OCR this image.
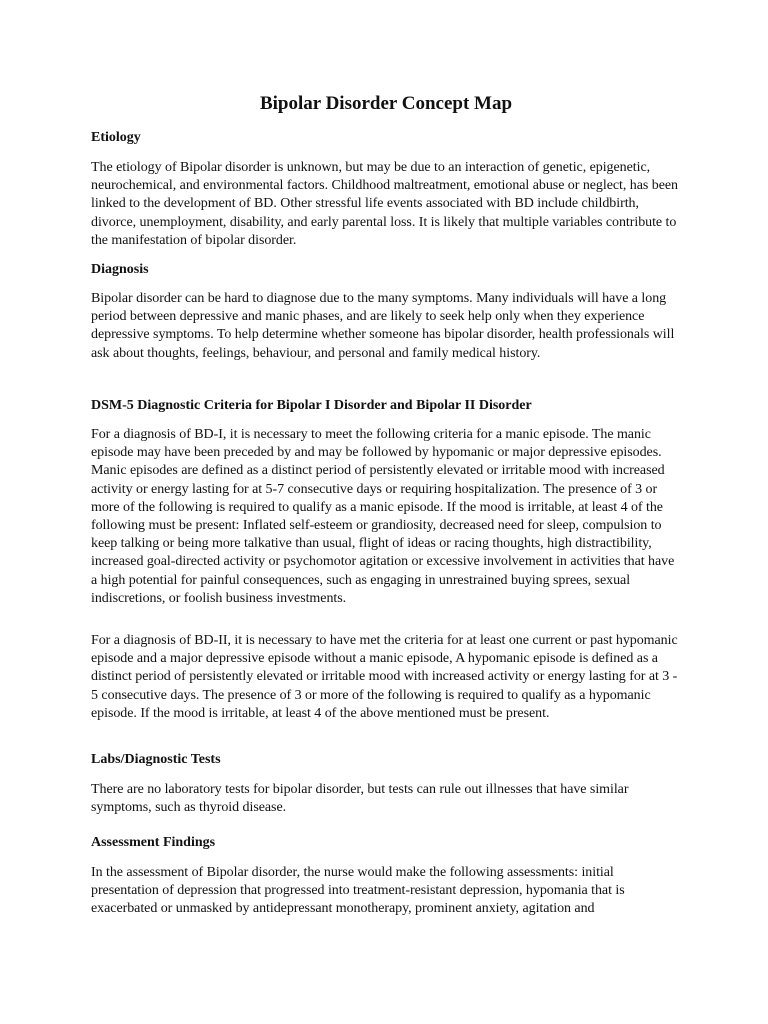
Bipolar Disorder Concept Map
Etiology

The etiology of Bipolar disorder is unknown, but may be due to an interaction of genetic, epigenetic, neurochemical, and environmental factors. Childhood maltreatment, emotional abuse or neglect, has been linked to the development of BD. Other stressful life events associated with BD include childbirth, divorce, unemployment, disability, and early parental loss. It is likely that multiple variables contribute to the manifestation of bipolar disorder.

Diagnosis

Bipolar disorder can be hard to diagnose due to the many symptoms. Many individuals will have a long period between depressive and manic phases, and are likely to seek help only when they experience depressive symptoms. To help determine whether someone has bipolar disorder, health professionals will ask about thoughts, feelings, behaviour, and personal and family medical history.

DSM-5 Diagnostic Criteria for Bipolar I Disorder and Bipolar II Disorder

For a diagnosis of BD-I, it is necessary to meet the following criteria for a manic episode. The manic episode may have been preceded by and may be followed by hypomanic or major depressive episodes. Manic episodes are defined as a distinct period of persistently elevated or irritable mood with increased activity or energy lasting for at 5-7 consecutive days or requiring hospitalization. The presence of 3 or more of the following is required to qualify as a manic episode. If the mood is irritable, at least 4 of the following must be present: Inflated self-esteem or grandiosity, decreased need for sleep, compulsion to keep talking or being more talkative than usual, flight of ideas or racing thoughts, high distractibility, increased goal-directed activity or psychomotor agitation or excessive involvement in activities that have a high potential for painful consequences, such as engaging in unrestrained buying sprees, sexual indiscretions, or foolish business investments.

For a diagnosis of BD-II, it is necessary to have met the criteria for at least one current or past hypomanic episode and a major depressive episode without a manic episode, A hypomanic episode is defined as a distinct period of persistently elevated or irritable mood with increased activity or energy lasting for at 3 - 5 consecutive days. The presence of 3 or more of the following is required to qualify as a hypomanic episode. If the mood is irritable, at least 4 of the above mentioned must be present.

Labs/Diagnostic Tests

There are no laboratory tests for bipolar disorder, but tests can rule out illnesses that have similar symptoms, such as thyroid disease.

Assessment Findings

In the assessment of Bipolar disorder, the nurse would make the following assessments: initial presentation of depression that progressed into treatment-resistant depression, hypomania that is exacerbated or unmasked by antidepressant monotherapy, prominent anxiety, agitation and
